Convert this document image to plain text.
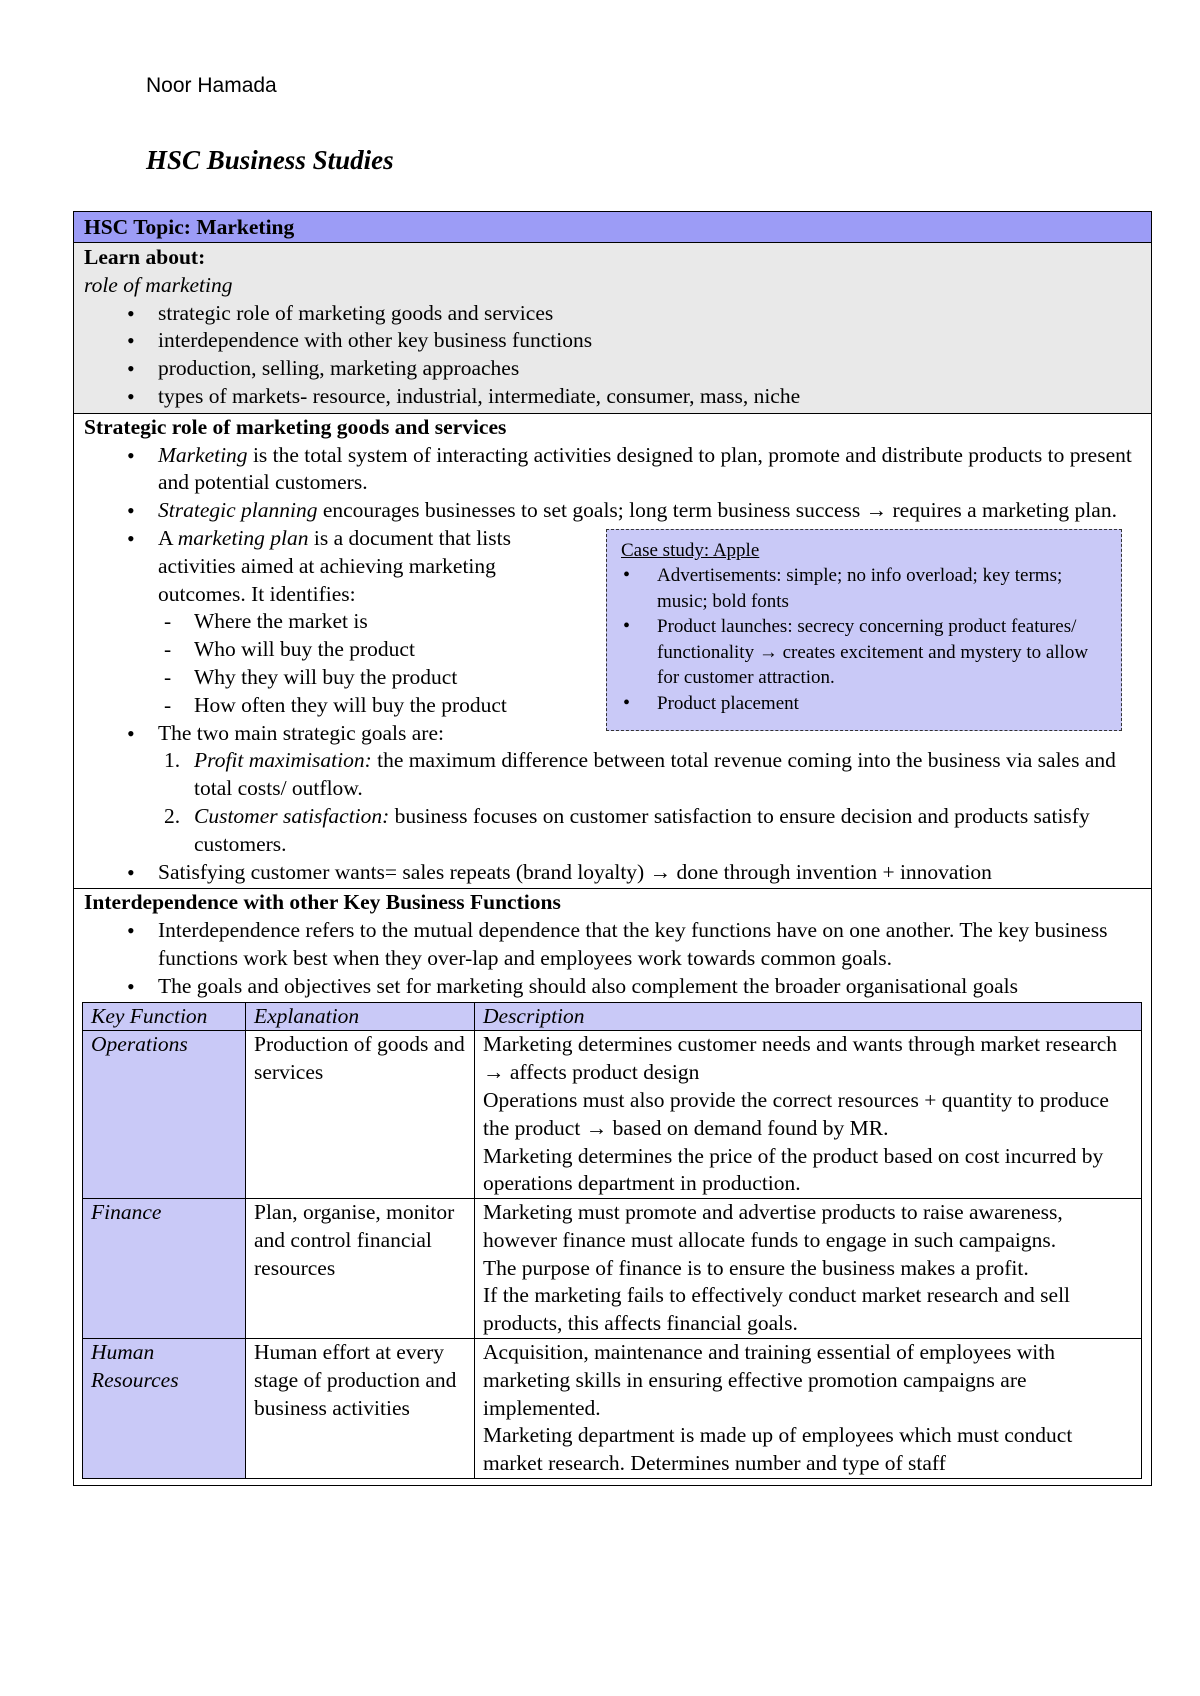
Noor Hamada
HSC Business Studies
HSC Topic: Marketing
Learn about:
role of marketing
• strategic role of marketing goods and services
• interdependence with other key business functions
• production, selling, marketing approaches
• types of markets- resource, industrial, intermediate, consumer, mass, niche
Strategic role of marketing goods and services
• Marketing is the total system of interacting activities designed to plan, promote and distribute products to present and potential customers.
• Strategic planning encourages businesses to set goals; long term business success → requires a marketing plan.
• A marketing plan is a document that lists activities aimed at achieving marketing outcomes. It identifies:
- Where the market is
- Who will buy the product
- Why they will buy the product
- How often they will buy the product
Case study: Apple
• Advertisements: simple; no info overload; key terms; music; bold fonts
• Product launches: secrecy concerning product features/ functionality → creates excitement and mystery to allow for customer attraction.
• Product placement
• The two main strategic goals are:
1. Profit maximisation: the maximum difference between total revenue coming into the business via sales and total costs/ outflow.
2. Customer satisfaction: business focuses on customer satisfaction to ensure decision and products satisfy customers.
• Satisfying customer wants= sales repeats (brand loyalty) → done through invention + innovation
Interdependence with other Key Business Functions
• Interdependence refers to the mutual dependence that the key functions have on one another. The key business functions work best when they over-lap and employees work towards common goals.
• The goals and objectives set for marketing should also complement the broader organisational goals
Key Function	Explanation	Description
Operations	Production of goods and services	Marketing determines customer needs and wants through market research → affects product design
Operations must also provide the correct resources + quantity to produce the product → based on demand found by MR.
Marketing determines the price of the product based on cost incurred by operations department in production.

Finance	Plan, organise, monitor and control financial resources	Marketing must promote and advertise products to raise awareness, however finance must allocate funds to engage in such campaigns.
The purpose of finance is to ensure the business makes a profit.
If the marketing fails to effectively conduct market research and sell products, this affects financial goals.

Human Resources	Human effort at every stage of production and business activities	Acquisition, maintenance and training essential of employees with marketing skills in ensuring effective promotion campaigns are implemented.
Marketing department is made up of employees which must conduct market research. Determines number and type of staff
